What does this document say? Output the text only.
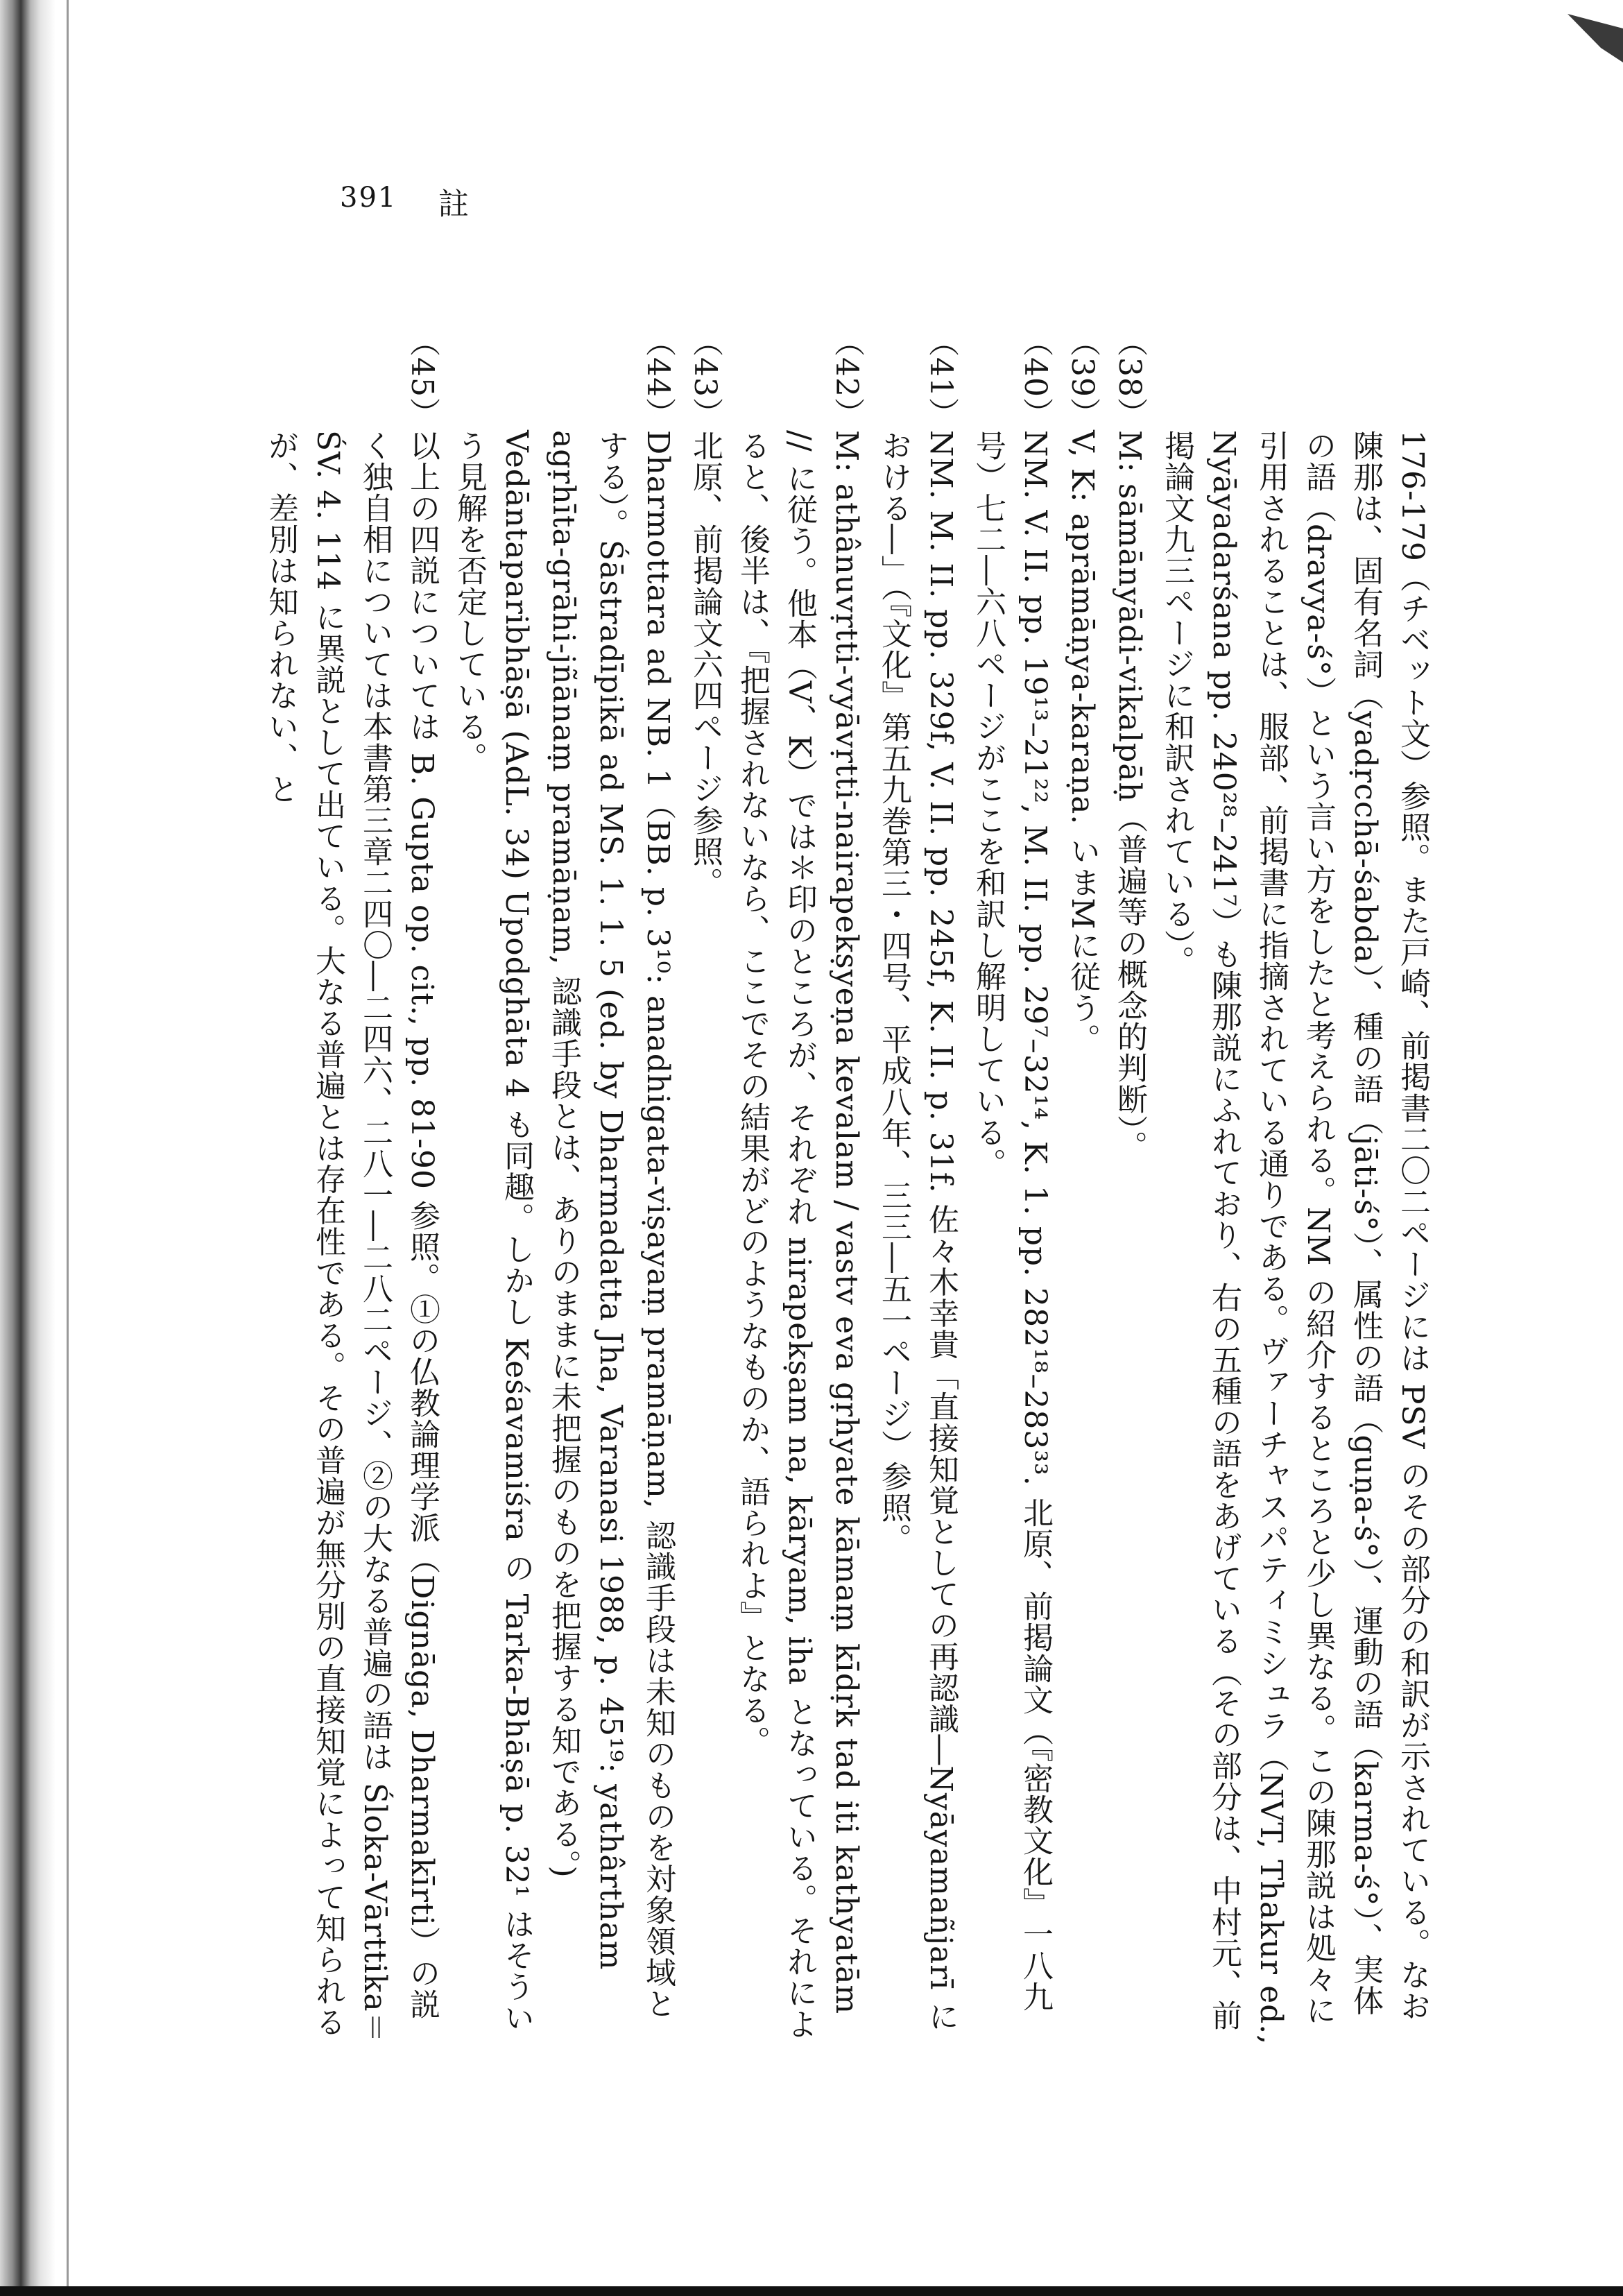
391 註

176-179（チベット文）参照。また戸崎、前掲書二〇二ページには PSV のその部分の和訳が示されている。なお陳那は、固有名詞（yadṛcchā-śabda）、種の語（jāti-ś°）、属性の語（guṇa-ś°）、運動の語（karma-ś°）、実体の語（dravya-ś°）という言い方をしたと考えられる。NM の紹介するところと少し異なる。この陳那説は処々に引用されることは、服部、前掲書に指摘されている通りである。ヴァーチャスパティミシュラ（NVT, Thakur ed., Nyāyadarśana pp. 240²⁸–241⁷）も陳那説にふれており、右の五種の語をあげている（その部分は、中村元、前掲論文九三ページに和訳されている）。

（38）M: sāmānyādi-vikalpāḥ（普遍等の概念的判断）。

（39）V, K: aprāmāṇya-karaṇa. いまMに従う。

（40）NM. V. II. pp. 19¹³–21²², M. II. pp. 29⁷–32¹⁴, K. 1. pp. 282¹⁸–283³³. 北原、前掲論文（『密教文化』一八九号）七二―六八ページがここを和訳し解明している。

（41）NM. M. II. pp. 329f, V. II. pp. 245f, K. II. p. 31f. 佐々木幸貴「直接知覚としての再認識―Nyāyamañjarī における―」（『文化』第五九巻第三・四号、平成八年、三三―五一ページ）参照。

（42）M: athânuvṛtti-vyāvṛtti-nairapekṣyeṇa kevalam / vastv eva gṛhyate kāmaṃ kīdṛk tad iti kathyatām // に従う。他本（V、K）では＊印のところが、それぞれ nirapekṣam na, kāryam, iha となっている。それによると、後半は、『把握されないなら、ここでその結果がどのようなものか、語られよ』となる。

（43）北原、前掲論文六四ページ参照。

（44）Dharmottara ad NB. 1（BB. p. 3¹⁰: anadhigata-viṣayaṃ pramāṇam, 認識手段は未知のものを対象領域とする）。Śāstradīpikā ad MS. 1. 1. 5 (ed. by Dharmadatta Jha, Varanasi 1988, p. 45¹⁹: yathârtham agṛhīta-grāhi-jñānaṃ pramāṇam, 認識手段とは、ありのままに未把握のものを把握する知である。) Vedāntaparibhāṣā (AdL. 34) Upodghāta 4 も同趣。しかし Keśavamiśra の Tarka-Bhāṣā p. 32¹ はそういう見解を否定している。

（45）以上の四説については B. Gupta op. cit., pp. 81-90 参照。①の仏教論理学派（Dignāga, Dharmakīrti）の説く独自相については本書第三章二四〇―二四六、二八一―二八二ページ、②の大なる普遍の語は Śloka-Vārttika＝ŚV. 4. 114 に異説として出ている。大なる普遍とは存在性である。その普遍が無分別の直接知覚によって知られるが、差別は知られない、と
